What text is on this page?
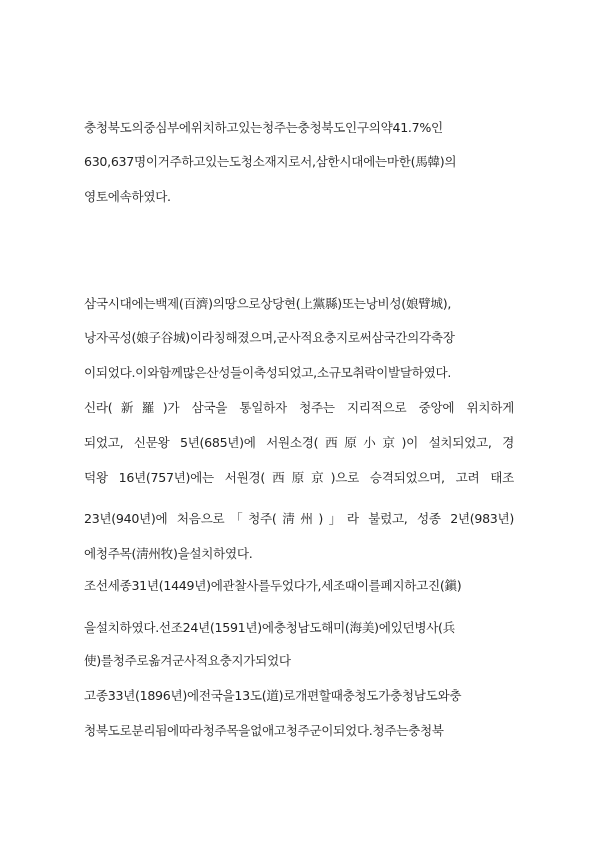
충청북도의중심부에위치하고있는청주는충청북도인구의약41.7%인
630,637명이거주하고있는도청소재지로서,삼한시대에는마한(馬韓)의
영토에속하였다.
삼국시대에는백제(百濟)의땅으로상당현(上黨縣)또는낭비성(娘臂城),
낭자곡성(娘子谷城)이라칭해졌으며,군사적요충지로써삼국간의각축장
이되었다.이와함께많은산성들이축성되었고,소규모취락이발달하였다.
신라(新羅)가 삼국을 통일하자 청주는 지리적으로 중앙에 위치하게
되었고, 신문왕 5년(685년)에 서원소경(西原小京)이 설치되었고, 경
덕왕 16년(757년)에는 서원경(西原京)으로 승격되었으며, 고려 태조
23년(940년)에 처음으로「청주(淸州)」라 불렀고, 성종 2년(983년)
에청주목(淸州牧)을설치하였다.
조선세종31년(1449년)에관찰사를두었다가,세조때이를폐지하고진(鎭)
을설치하였다.선조24년(1591년)에충청남도해미(海美)에있던병사(兵
使)를청주로옮겨군사적요충지가되었다
고종33년(1896년)에전국을13도(道)로개편할때충청도가충청남도와충
청북도로분리됨에따라청주목을없애고청주군이되었다.청주는충청북
